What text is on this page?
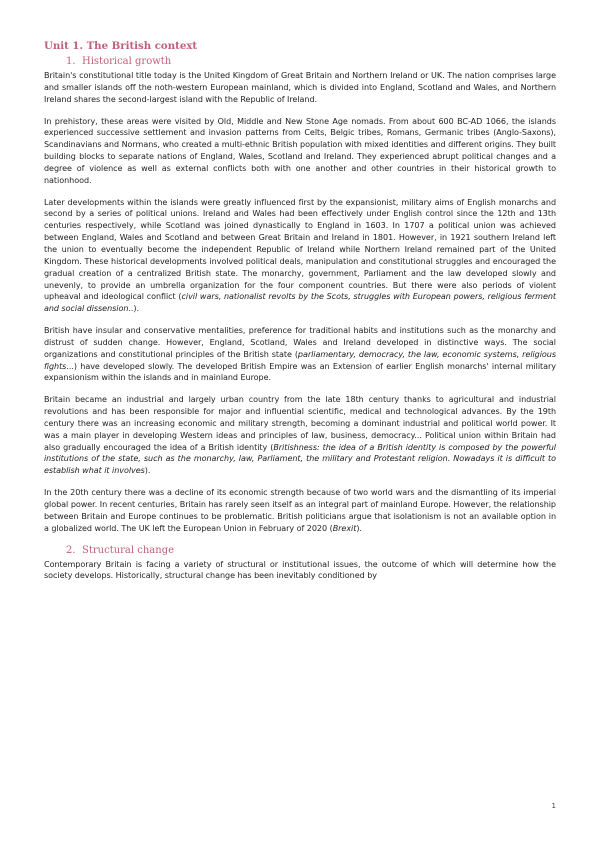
Unit 1. The British context
1. Historical growth

Britain's constitutional title today is the United Kingdom of Great Britain and Northern Ireland or UK. The nation comprises large and smaller islands off the noth-western European mainland, which is divided into England, Scotland and Wales, and Northern Ireland shares the second-largest island with the Republic of Ireland.

In prehistory, these areas were visited by Old, Middle and New Stone Age nomads. From about 600 BC-AD 1066, the islands experienced successive settlement and invasion patterns from Celts, Belgic tribes, Romans, Germanic tribes (Anglo-Saxons), Scandinavians and Normans, who created a multi-ethnic British population with mixed identities and different origins. They built building blocks to separate nations of England, Wales, Scotland and Ireland. They experienced abrupt political changes and a degree of violence as well as external conflicts both with one another and other countries in their historical growth to nationhood.

Later developments within the islands were greatly influenced first by the expansionist, military aims of English monarchs and second by a series of political unions. Ireland and Wales had been effectively under English control since the 12th and 13th centuries respectively, while Scotland was joined dynastically to England in 1603. In 1707 a political union was achieved between England, Wales and Scotland and between Great Britain and Ireland in 1801. However, in 1921 southern Ireland left the union to eventually become the independent Republic of Ireland while Northern Ireland remained part of the United Kingdom. These historical developments involved political deals, manipulation and constitutional struggles and encouraged the gradual creation of a centralized British state. The monarchy, government, Parliament and the law developed slowly and unevenly, to provide an umbrella organization for the four component countries. But there were also periods of violent upheaval and ideological conflict (civil wars, nationalist revolts by the Scots, struggles with European powers, religious ferment and social dissension..).

British have insular and conservative mentalities, preference for traditional habits and institutions such as the monarchy and distrust of sudden change. However, England, Scotland, Wales and Ireland developed in distinctive ways. The social organizations and constitutional principles of the British state (parliamentary, democracy, the law, economic systems, religious fights...) have developed slowly. The developed British Empire was an Extension of earlier English monarchs' internal military expansionism within the islands and in mainland Europe.

Britain became an industrial and largely urban country from the late 18th century thanks to agricultural and industrial revolutions and has been responsible for major and influential scientific, medical and technological advances. By the 19th century there was an increasing economic and military strength, becoming a dominant industrial and political world power. It was a main player in developing Western ideas and principles of law, business, democracy... Political union within Britain had also gradually encouraged the idea of a British identity (Britishness: the idea of a British identity is composed by the powerful institutions of the state, such as the monarchy, law, Parliament, the military and Protestant religion. Nowadays it is difficult to establish what it involves).

In the 20th century there was a decline of its economic strength because of two world wars and the dismantling of its imperial global power. In recent centuries, Britain has rarely seen itself as an integral part of mainland Europe. However, the relationship between Britain and Europe continues to be problematic. British politicians argue that isolationism is not an available option in a globalized world. The UK left the European Union in February of 2020 (Brexit).

2. Structural change

Contemporary Britain is facing a variety of structural or institutional issues, the outcome of which will determine how the society develops. Historically, structural change has been inevitably conditioned by

1
